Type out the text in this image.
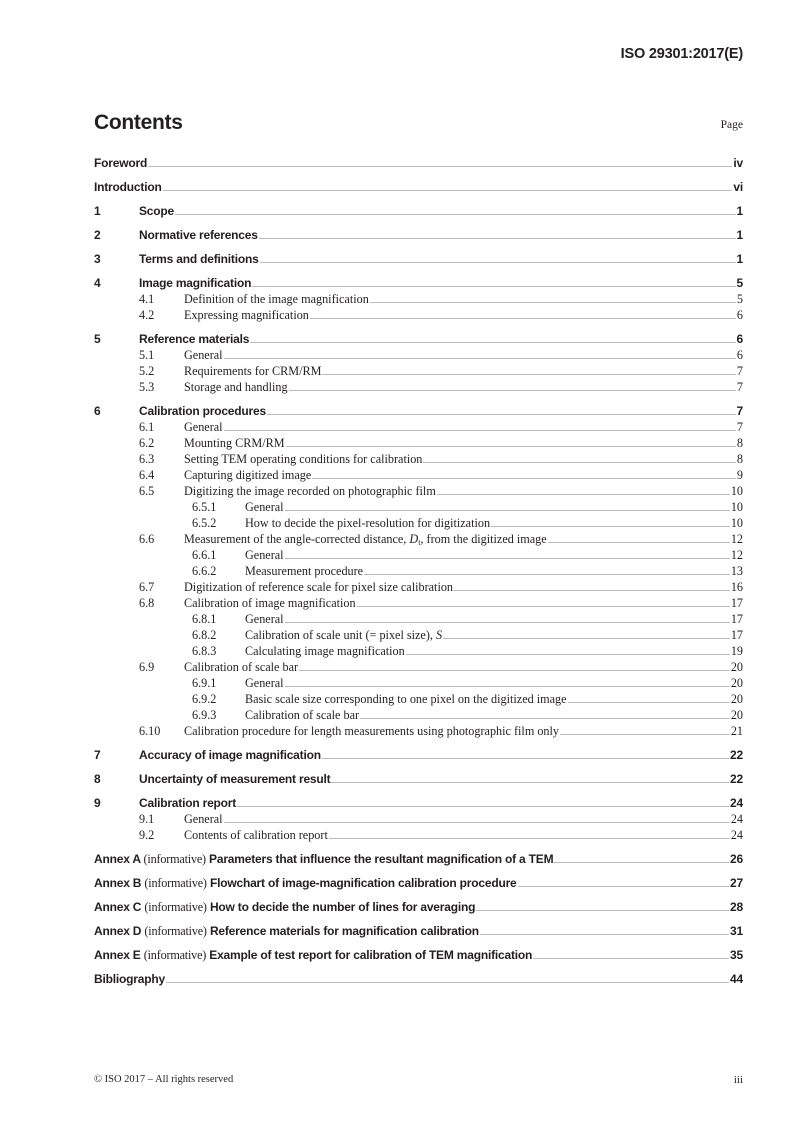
ISO 29301:2017(E)
Contents	Page
Foreword	iv
Introduction	vi
1	Scope	1
2	Normative references	1
3	Terms and definitions	1
4	Image magnification	5
4.1	Definition of the image magnification	5
4.2	Expressing magnification	6
5	Reference materials	6
5.1	General	6
5.2	Requirements for CRM/RM	7
5.3	Storage and handling	7
6	Calibration procedures	7
6.1	General	7
6.2	Mounting CRM/RM	8
6.3	Setting TEM operating conditions for calibration	8
6.4	Capturing digitized image	9
6.5	Digitizing the image recorded on photographic film	10
6.5.1	General	10
6.5.2	How to decide the pixel-resolution for digitization	10
6.6	Measurement of the angle-corrected distance, Dt, from the digitized image	12
6.6.1	General	12
6.6.2	Measurement procedure	13
6.7	Digitization of reference scale for pixel size calibration	16
6.8	Calibration of image magnification	17
6.8.1	General	17
6.8.2	Calibration of scale unit (= pixel size), S	17
6.8.3	Calculating image magnification	19
6.9	Calibration of scale bar	20
6.9.1	General	20
6.9.2	Basic scale size corresponding to one pixel on the digitized image	20
6.9.3	Calibration of scale bar	20
6.10	Calibration procedure for length measurements using photographic film only	21
7	Accuracy of image magnification	22
8	Uncertainty of measurement result	22
9	Calibration report	24
9.1	General	24
9.2	Contents of calibration report	24
Annex A (informative) Parameters that influence the resultant magnification of a TEM	26
Annex B (informative) Flowchart of image-magnification calibration procedure	27
Annex C (informative) How to decide the number of lines for averaging	28
Annex D (informative) Reference materials for magnification calibration	31
Annex E (informative) Example of test report for calibration of TEM magnification	35
Bibliography	44
© ISO 2017 – All rights reserved	iii
